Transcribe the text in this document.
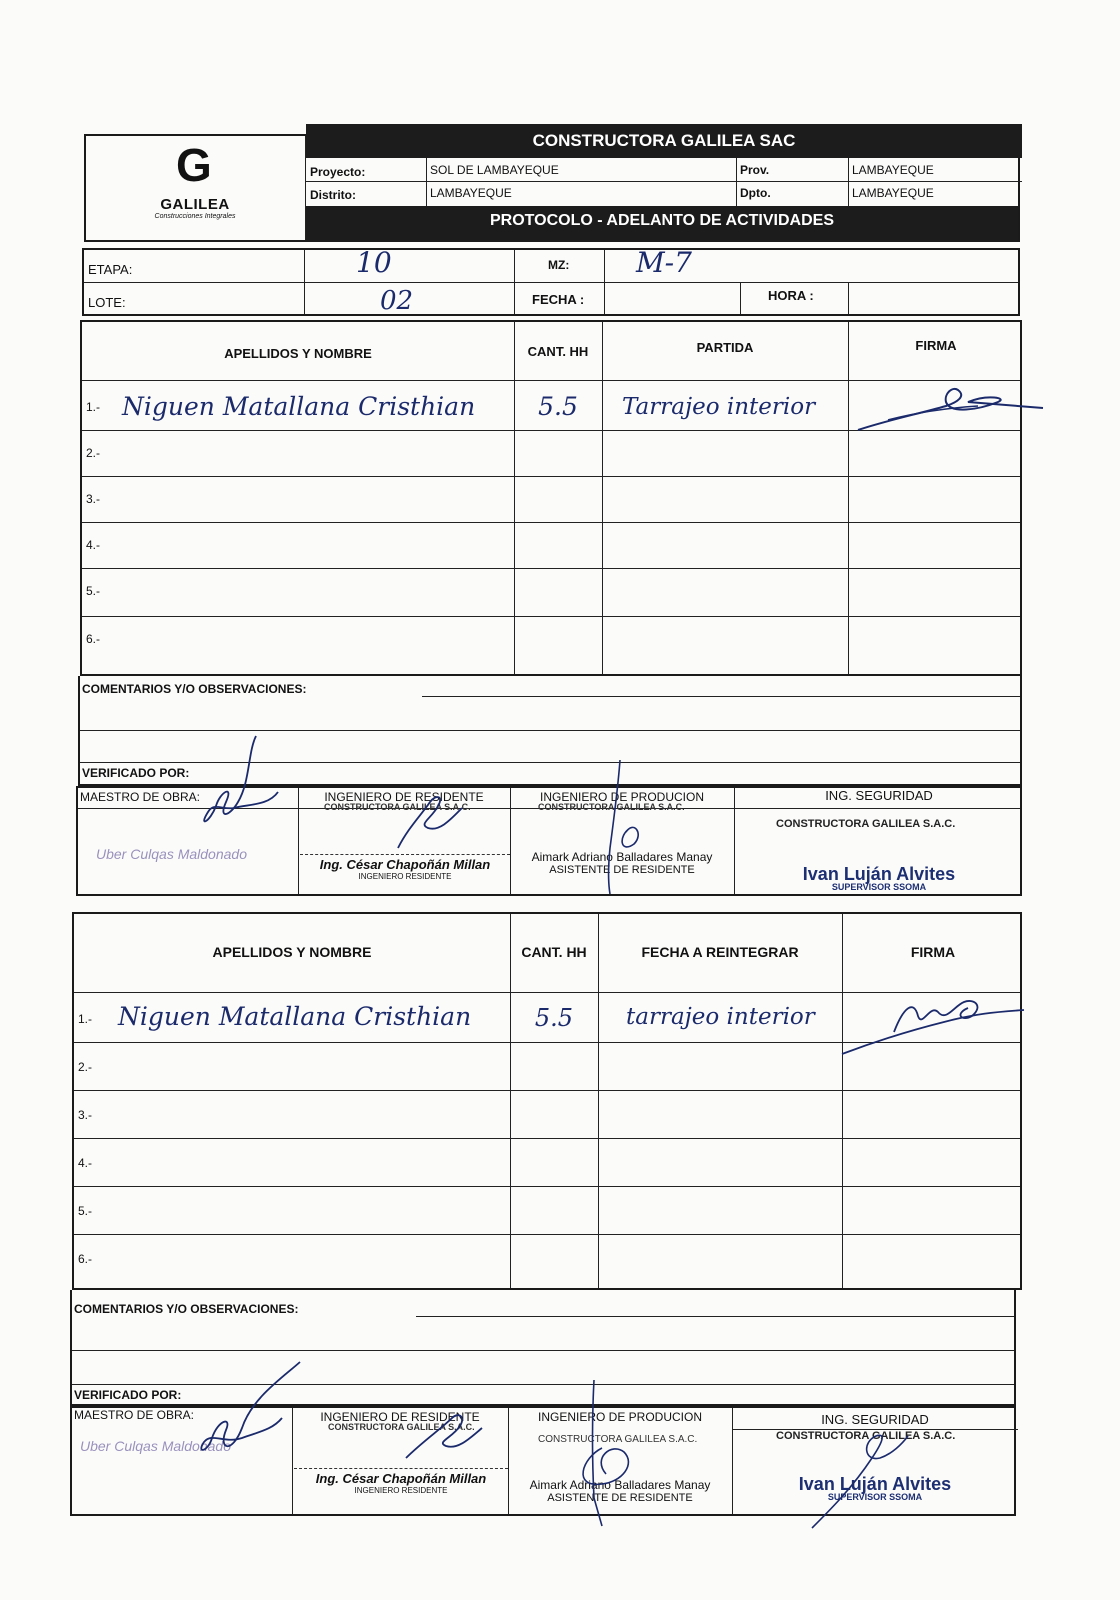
G
GALILEA
Construcciones Integrales
CONSTRUCTORA GALILEA SAC
Proyecto:	SOL DE LAMBAYEQUE	Prov.	LAMBAYEQUE
Distrito:	LAMBAYEQUE	Dpto.	LAMBAYEQUE
PROTOCOLO - ADELANTO DE ACTIVIDADES
ETAPA:	10	MZ: M-7
LOTE:	02	FECHA :	HORA :
APELLIDOS Y NOMBRE	CANT. HH	PARTIDA	FIRMA
1.- Niguen Matallana Cristhian	5.5	Tarrajeo interior
2.-
3.-
4.-
5.-
6.-
COMENTARIOS Y/O OBSERVACIONES:
VERIFICADO POR:
MAESTRO DE OBRA:	INGENIERO DE RESIDENTE	INGENIERO DE PRODUCION	ING. SEGURIDAD
Uber Culqas Maldonado
CONSTRUCTORA GALILEA S.A.C.
Ing. César Chapoñán Millan
INGENIERO RESIDENTE
CONSTRUCTORA GALILEA S.A.C.
Aimark Adriano Balladares Manay
ASISTENTE DE RESIDENTE
CONSTRUCTORA GALILEA S.A.C.
Ivan Luján Alvites
SUPERVISOR SSOMA
APELLIDOS Y NOMBRE	CANT. HH	FECHA A REINTEGRAR	FIRMA
1.- Niguen Matallana Cristhian	5.5	tarrajeo interior
2.-
3.-
4.-
5.-
6.-
COMENTARIOS Y/O OBSERVACIONES:
VERIFICADO POR:
MAESTRO DE OBRA:	INGENIERO DE RESIDENTE	INGENIERO DE PRODUCION	ING. SEGURIDAD
Uber Culqas Maldonado
CONSTRUCTORA GALILEA S.A.C.
Ing. César Chapoñán Millan
INGENIERO RESIDENTE
CONSTRUCTORA GALILEA S.A.C.
Aimark Adriano Balladares Manay
ASISTENTE DE RESIDENTE
CONSTRUCTORA GALILEA S.A.C.
Ivan Luján Alvites
SUPERVISOR SSOMA
